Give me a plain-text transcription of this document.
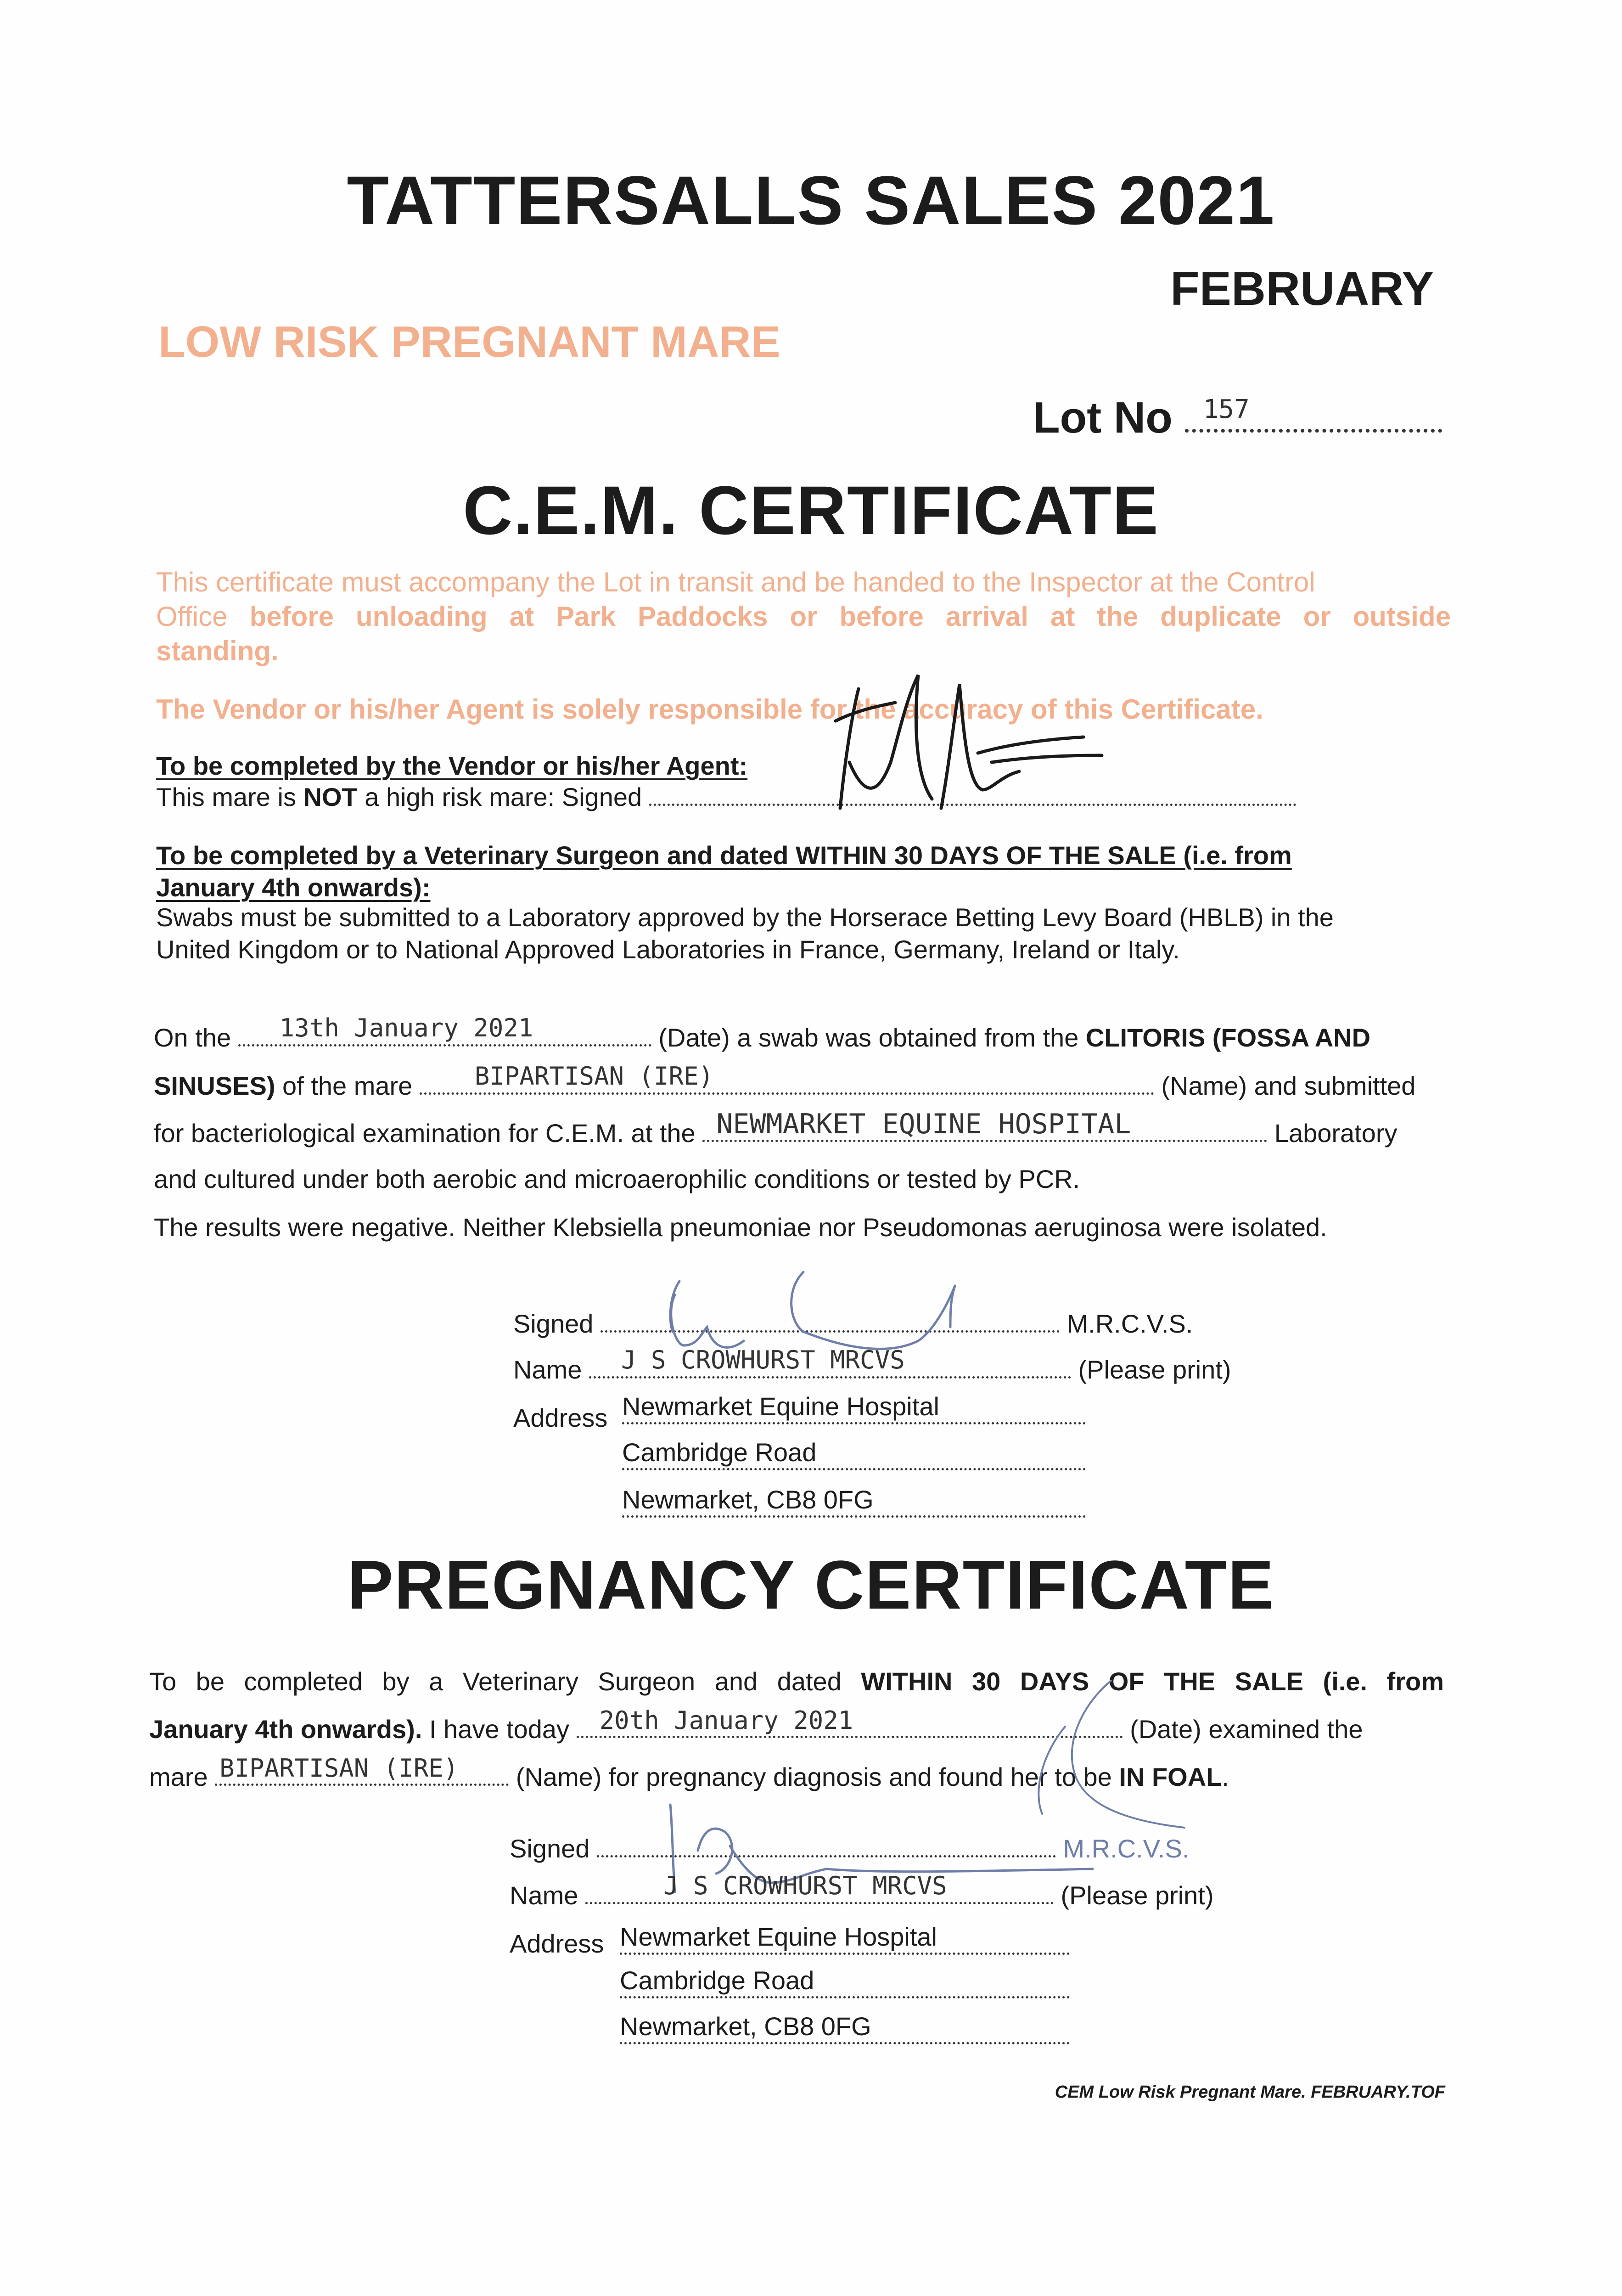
TATTERSALLS SALES 2021
FEBRUARY
LOW RISK PREGNANT MARE
Lot No 157
C.E.M. CERTIFICATE
This certificate must accompany the Lot in transit and be handed to the Inspector at the Control
Office before unloading at Park Paddocks or before arrival at the duplicate or outside
standing.
The Vendor or his/her Agent is solely responsible for the accuracy of this Certificate.
To be completed by the Vendor or his/her Agent:
This mare is NOT a high risk mare: Signed
To be completed by a Veterinary Surgeon and dated WITHIN 30 DAYS OF THE SALE (i.e. from
January 4th onwards):
Swabs must be submitted to a Laboratory approved by the Horserace Betting Levy Board (HBLB) in the
United Kingdom or to National Approved Laboratories in France, Germany, Ireland or Italy.
On the 13th January 2021	(Date) a swab was obtained from the CLITORIS (FOSSA AND
SINUSES) of the mare	BIPARTISAN (IRE)	(Name) and submitted
for bacteriological examination for C.E.M. at the NEWMARKET EQUINE HOSPITAL	Laboratory
and cultured under both aerobic and microaerophilic conditions or tested by PCR.
The results were negative. Neither Klebsiella pneumoniae nor Pseudomonas aeruginosa were isolated.
Signed	M.R.C.V.S.
Name J S CROWHURST MRCVS	(Please print)
Address Newmarket Equine Hospital
Cambridge Road
Newmarket, CB8 0FG
PREGNANCY CERTIFICATE
To be completed by a Veterinary Surgeon and dated WITHIN 30 DAYS OF THE SALE (i.e. from
January 4th onwards). I have today 20th January 2021	(Date) examined the
mare BIPARTISAN (IRE) (Name) for pregnancy diagnosis and found her to be IN FOAL.
Signed	M.R.C.V.S.
Name	J S CROWHURST MRCVS	(Please print)
Address Newmarket Equine Hospital
Cambridge Road
Newmarket, CB8 0FG
CEM Low Risk Pregnant Mare. FEBRUARY.TOF
